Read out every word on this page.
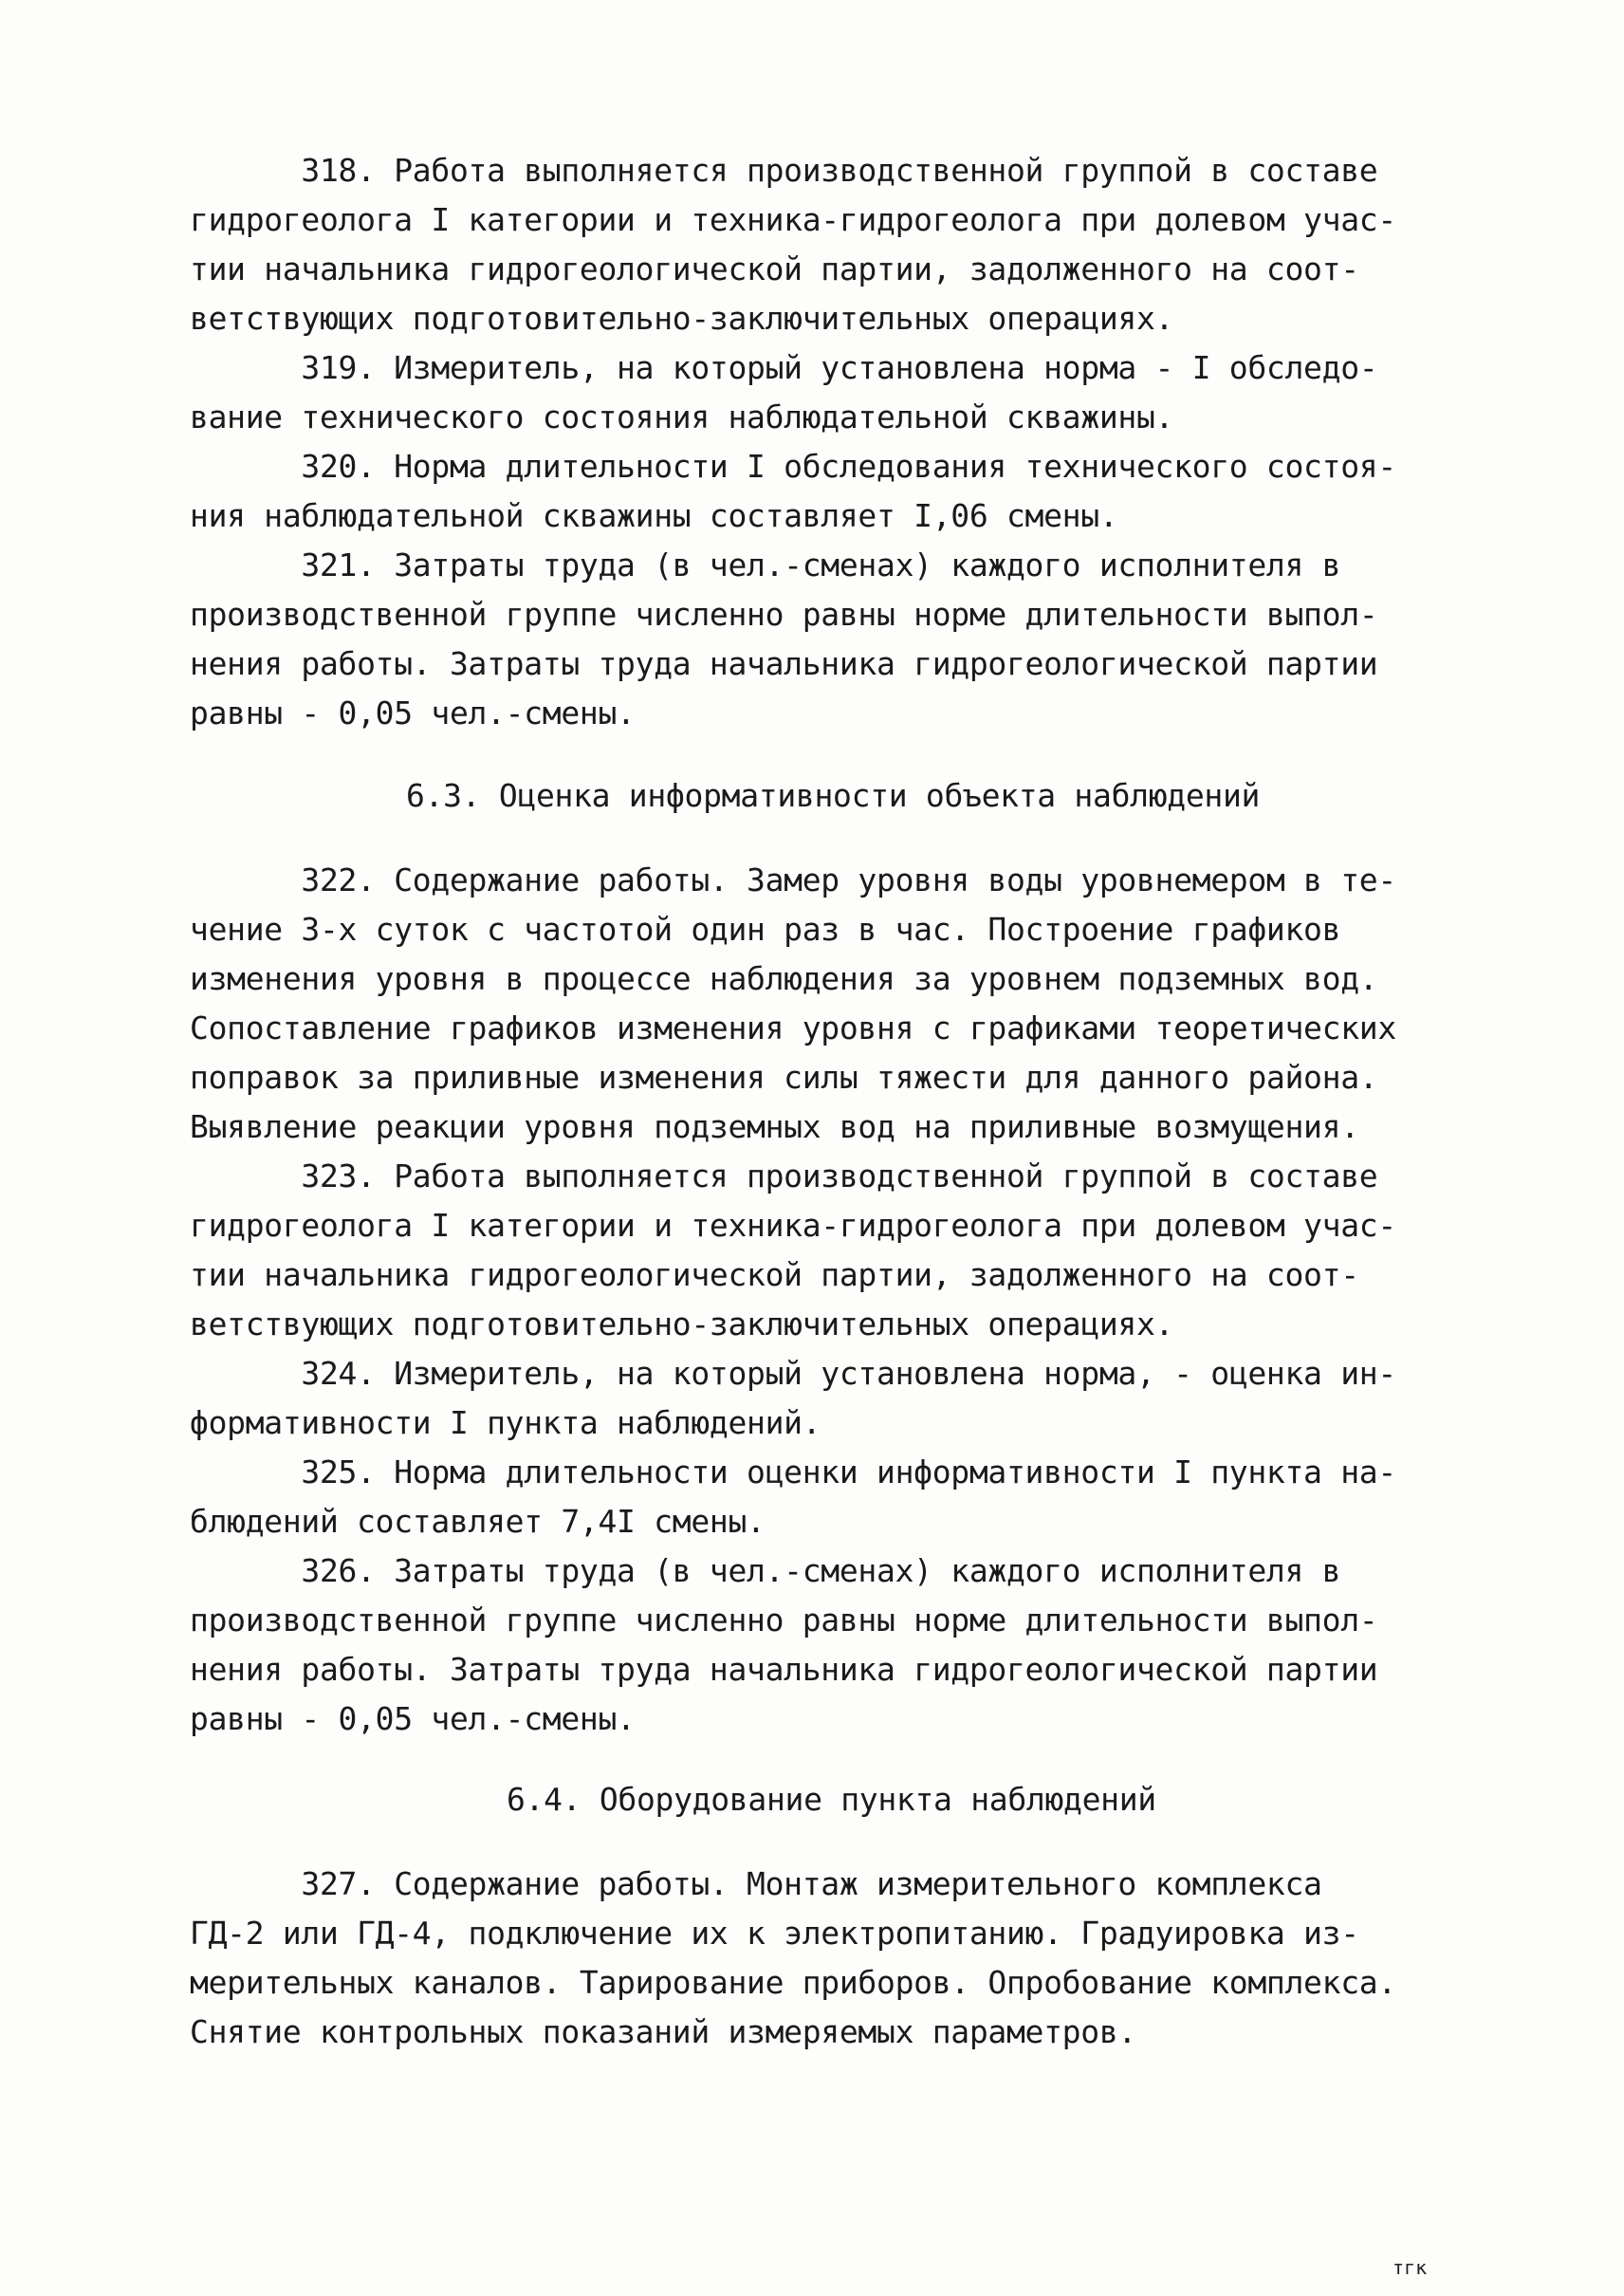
318. Работа выполняется производственной группой в составе
гидрогеолога I категории и техника-гидрогеолога при долевом учас-
тии начальника гидрогеологической партии, задолженного на соот-
ветствующих подготовительно-заключительных операциях.
319. Измеритель, на который установлена норма - I обследо-
вание технического состояния наблюдательной скважины.
320. Норма длительности I обследования технического состоя-
ния наблюдательной скважины составляет I,06 смены.
321. Затраты труда (в чел.-сменах) каждого исполнителя в
производственной группе численно равны норме длительности выпол-
нения работы. Затраты труда начальника гидрогеологической партии
равны - 0,05 чел.-смены.
6.3. Оценка информативности объекта наблюдений
322. Содержание работы. Замер уровня воды уровнемером в те-
чение 3-х суток с частотой один раз в час. Построение графиков
изменения уровня в процессе наблюдения за уровнем подземных вод.
Сопоставление графиков изменения уровня с графиками теоретических
поправок за приливные изменения силы тяжести для данного района.
Выявление реакции уровня подземных вод на приливные возмущения.
323. Работа выполняется производственной группой в составе
гидрогеолога I категории и техника-гидрогеолога при долевом учас-
тии начальника гидрогеологической партии, задолженного на соот-
ветствующих подготовительно-заключительных операциях.
324. Измеритель, на который установлена норма, - оценка ин-
формативности I пункта наблюдений.
325. Норма длительности оценки информативности I пункта на-
блюдений составляет 7,4I смены.
326. Затраты труда (в чел.-сменах) каждого исполнителя в
производственной группе численно равны норме длительности выпол-
нения работы. Затраты труда начальника гидрогеологической партии
равны - 0,05 чел.-смены.
6.4. Оборудование пункта наблюдений
327. Содержание работы. Монтаж измерительного комплекса
ГД-2 или ГД-4, подключение их к электропитанию. Градуировка из-
мерительных каналов. Тарирование приборов. Опробование комплекса.
Снятие контрольных показаний измеряемых параметров.
тгк
